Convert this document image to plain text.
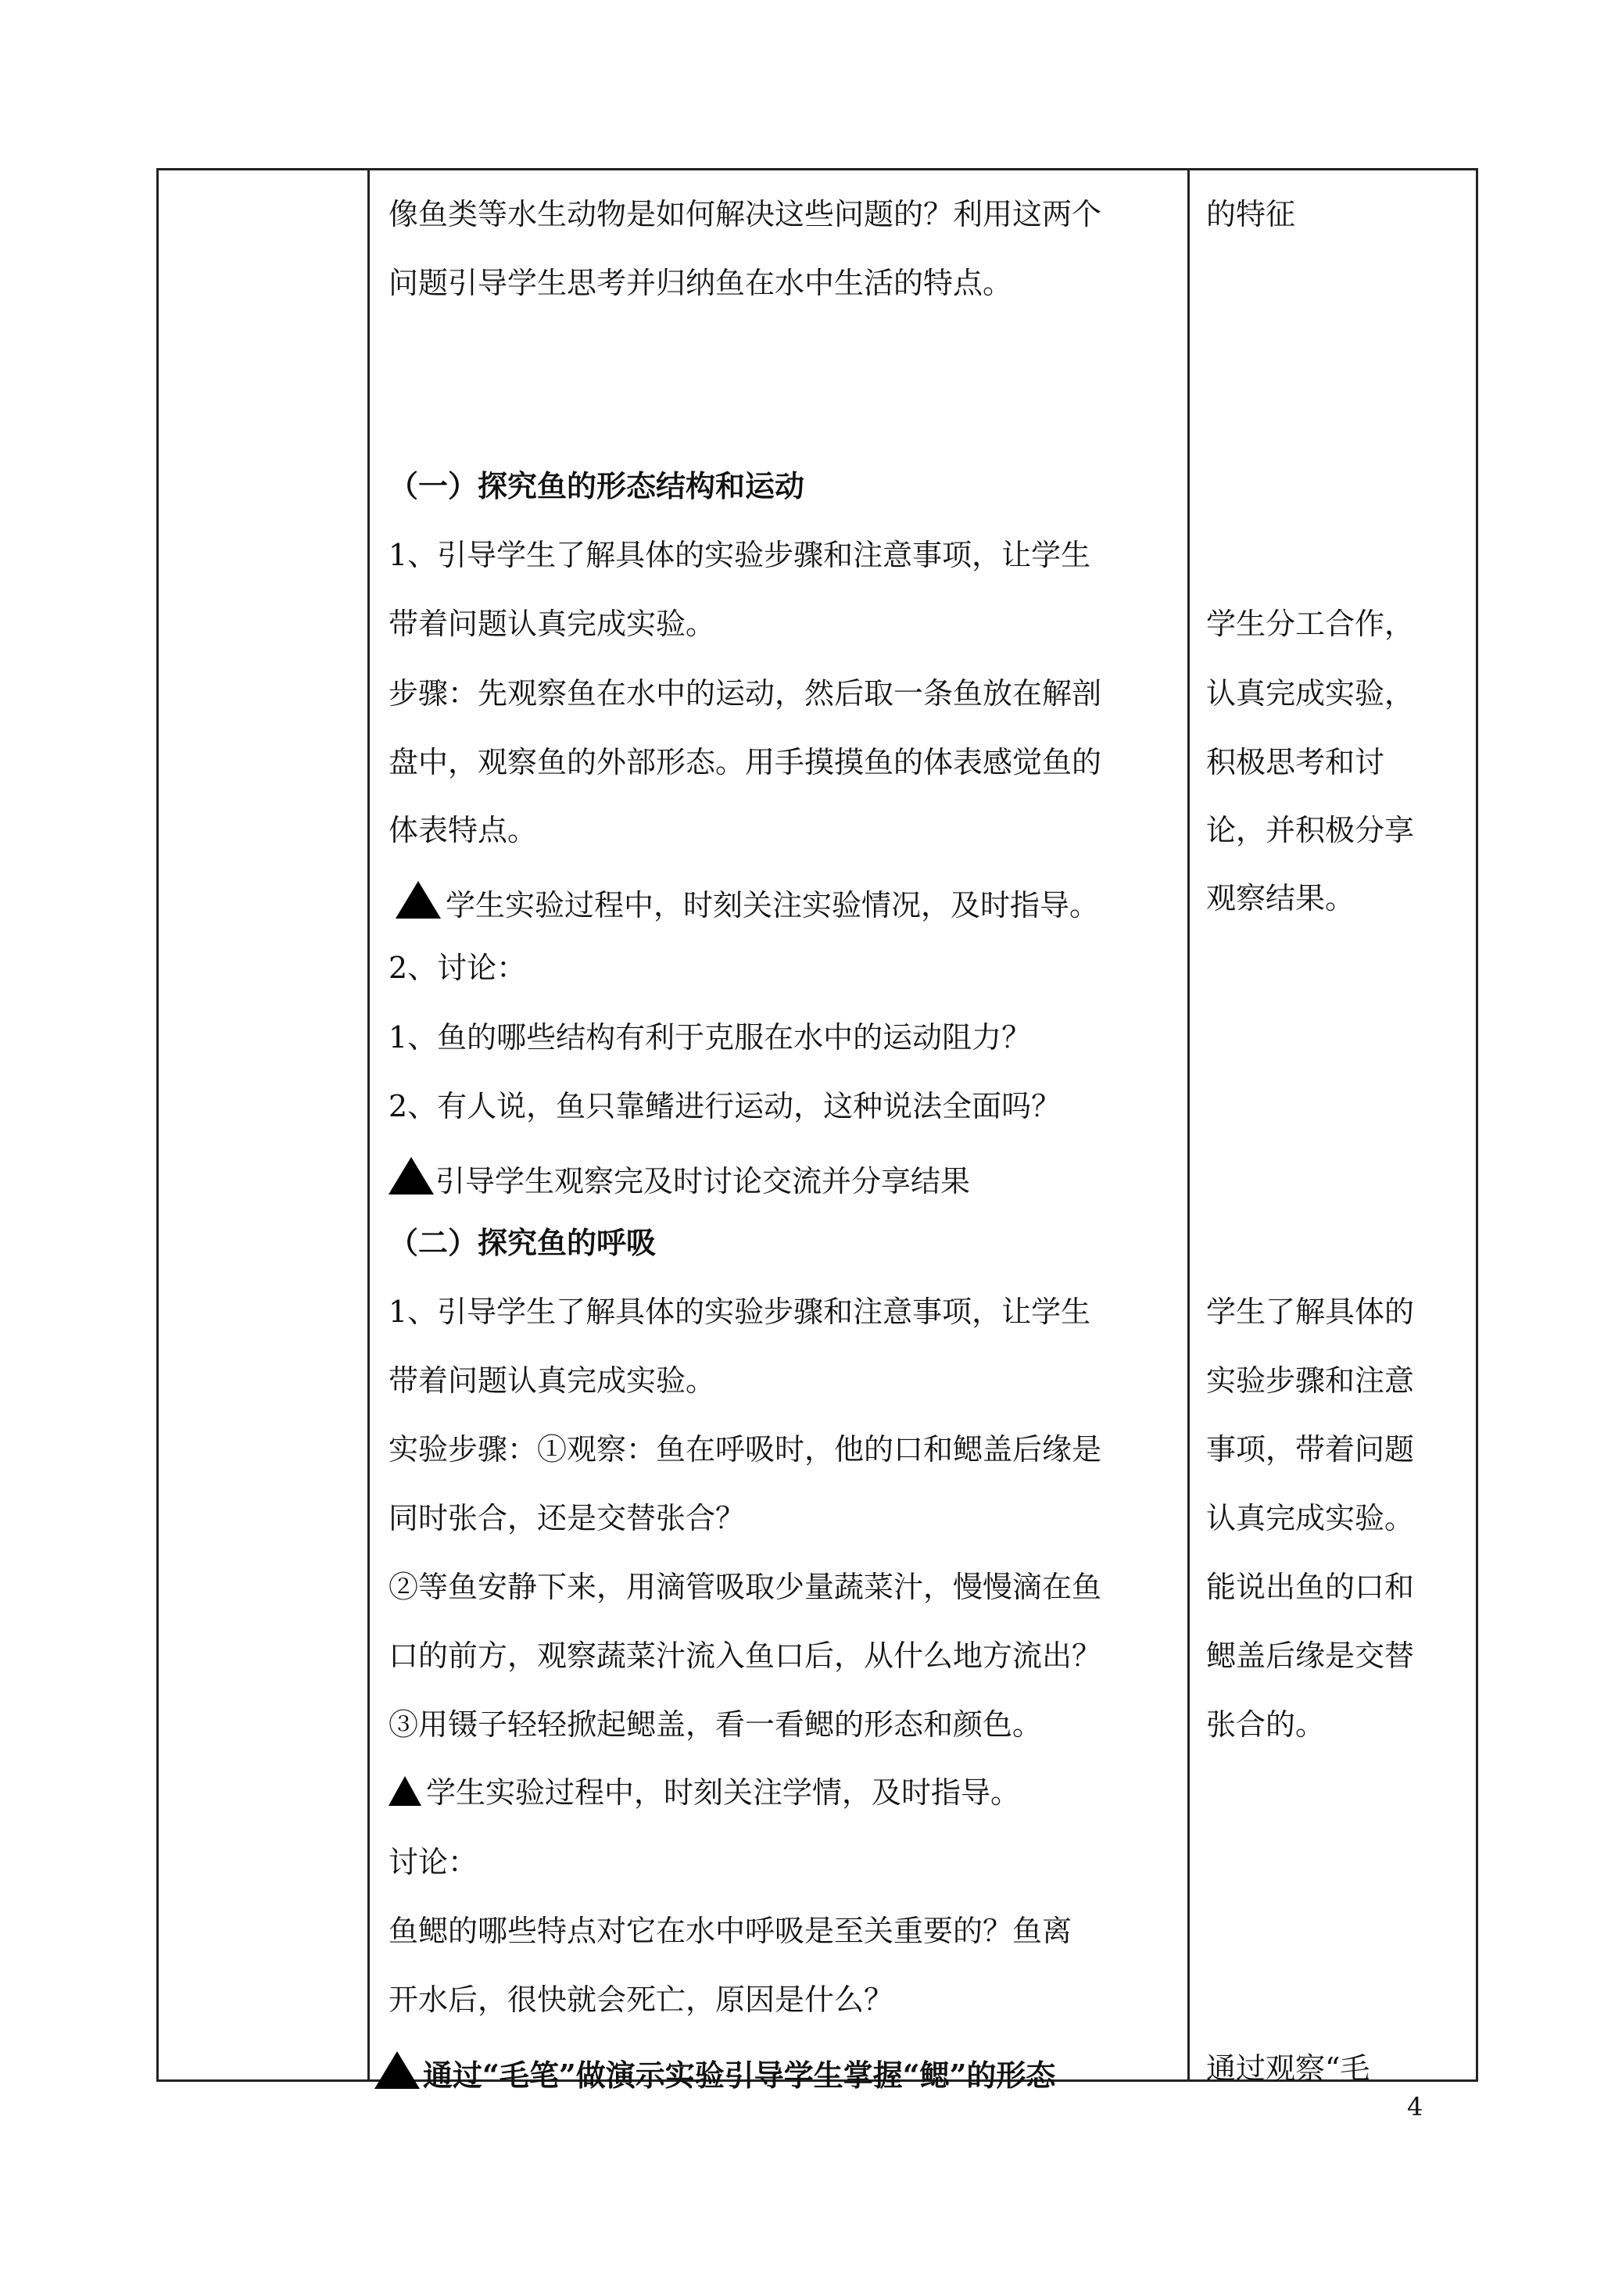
像鱼类等水生动物是如何解决这些问题的？利用这两个

问题引导学生思考并归纳鱼在水中生活的特点。

（一）探究鱼的形态结构和运动

1、引导学生了解具体的实验步骤和注意事项，让学生

带着问题认真完成实验。

步骤：先观察鱼在水中的运动，然后取一条鱼放在解剖

盘中，观察鱼的外部形态。用手摸摸鱼的体表感觉鱼的

体表特点。

学生实验过程中，时刻关注实验情况，及时指导。

2、讨论：

1、鱼的哪些结构有利于克服在水中的运动阻力？

2、有人说，鱼只靠鳍进行运动，这种说法全面吗？

引导学生观察完及时讨论交流并分享结果

（二）探究鱼的呼吸

1、引导学生了解具体的实验步骤和注意事项，让学生

带着问题认真完成实验。

实验步骤：①观察：鱼在呼吸时，他的口和鳃盖后缘是

同时张合，还是交替张合？

②等鱼安静下来，用滴管吸取少量蔬菜汁，慢慢滴在鱼

口的前方，观察蔬菜汁流入鱼口后，从什么地方流出？

③用镊子轻轻掀起鳃盖，看一看鳃的形态和颜色。

学生实验过程中，时刻关注学情，及时指导。

讨论：

鱼鳃的哪些特点对它在水中呼吸是至关重要的？鱼离

开水后，很快就会死亡，原因是什么？

通过“毛笔”做演示实验引导学生掌握“鳃”的形态

的特征

学生分工合作，

认真完成实验，

积极思考和讨

论，并积极分享

观察结果。

学生了解具体的

实验步骤和注意

事项，带着问题

认真完成实验。

能说出鱼的口和

鳃盖后缘是交替

张合的。

通过观察“毛

4
